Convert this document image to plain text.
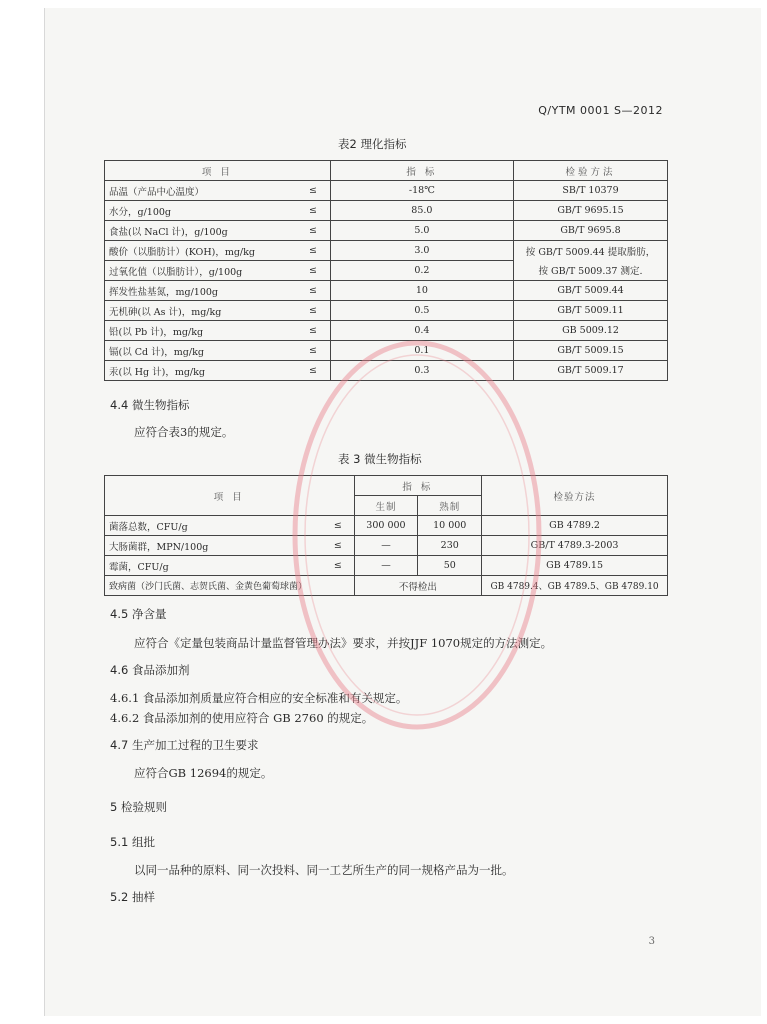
Q/YTM 0001 S—2012
表2 理化指标
项 目		指 标	检验方法
品温（产品中心温度）	≤	-18℃	SB/T 10379
水分，g/100g	≤	85.0	GB/T 9695.15
食盐(以 NaCl 计)，g/100g	≤	5.0	GB/T 9695.8
酸价（以脂肪计）(KOH)，mg/kg	≤	3.0	按 GB/T 5009.44 提取脂肪，
过氧化值（以脂肪计），g/100g	≤	0.2	按 GB/T 5009.37 测定.
挥发性盐基氮，mg/100g	≤	10	GB/T 5009.44
无机砷(以 As 计)，mg/kg	≤	0.5	GB/T 5009.11
铅(以 Pb 计)，mg/kg	≤	0.4	GB 5009.12
镉(以 Cd 计)，mg/kg	≤	0.1	GB/T 5009.15
汞(以 Hg 计)，mg/kg	≤	0.3	GB/T 5009.17
4.4 微生物指标
应符合表3的规定。
表 3 微生物指标
项 目		指 标		检验方法
		生制	熟制	
菌落总数，CFU/g	≤	300 000	10 000	GB 4789.2
大肠菌群，MPN/100g	≤	—	230	GB/T 4789.3-2003
霉菌，CFU/g	≤	—	50	GB 4789.15
致病菌（沙门氏菌、志贺氏菌、金黄色葡萄球菌）		不得检出		GB 4789.4、GB 4789.5、GB 4789.10
4.5 净含量
应符合《定量包装商品计量监督管理办法》要求，并按JJF 1070规定的方法测定。
4.6 食品添加剂
4.6.1 食品添加剂质量应符合相应的安全标准和有关规定。
4.6.2 食品添加剂的使用应符合 GB 2760 的规定。
4.7 生产加工过程的卫生要求
应符合GB 12694的规定。
5 检验规则
5.1 组批
以同一品种的原料、同一次投料、同一工艺所生产的同一规格产品为一批。
5.2 抽样
3
